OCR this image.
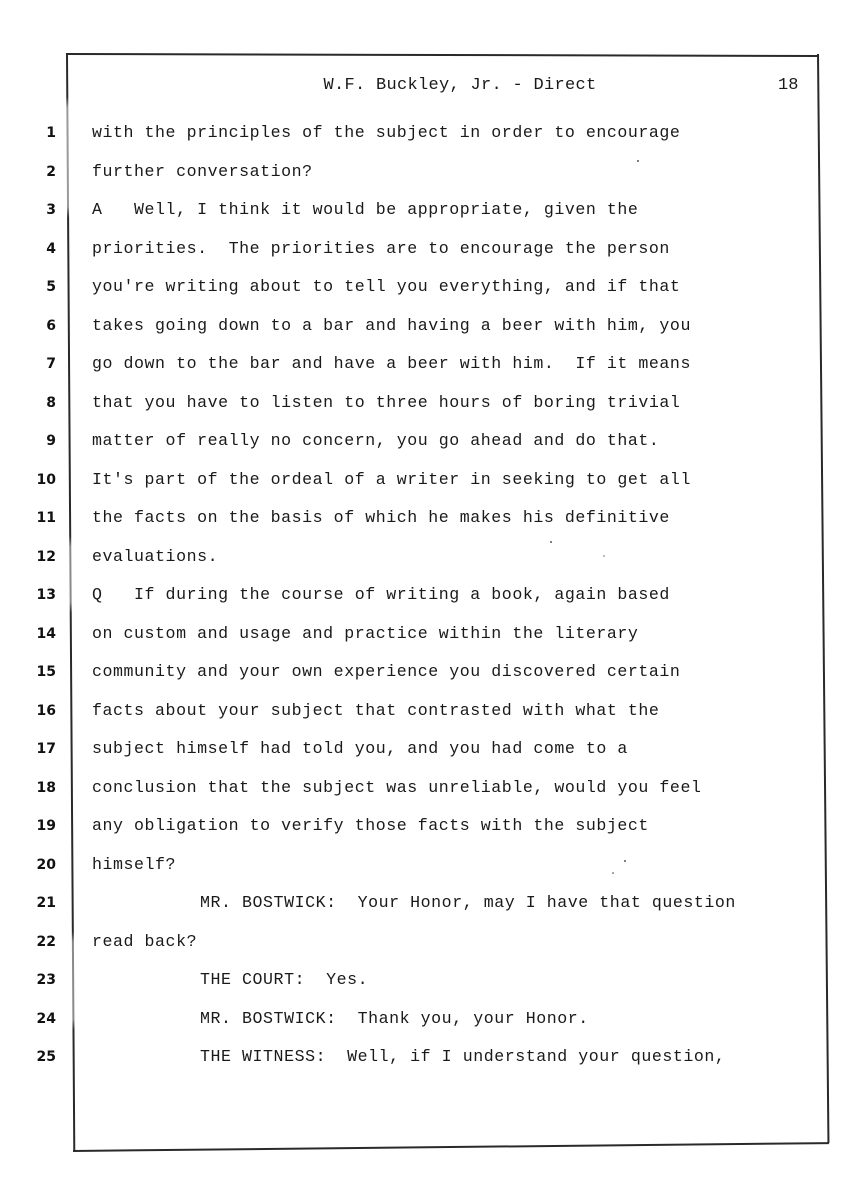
W.F. Buckley, Jr. - Direct	18
1
2
3
4
5
6
7
8
9
10
11
12
13
14
15
16
17
18
19
20
21
22
23
24
25
with the principles of the subject in order to encourage
further conversation?
A   Well, I think it would be appropriate, given the
priorities.  The priorities are to encourage the person
you're writing about to tell you everything, and if that
takes going down to a bar and having a beer with him, you
go down to the bar and have a beer with him.  If it means
that you have to listen to three hours of boring trivial
matter of really no concern, you go ahead and do that.
It's part of the ordeal of a writer in seeking to get all
the facts on the basis of which he makes his definitive
evaluations.
Q   If during the course of writing a book, again based
on custom and usage and practice within the literary
community and your own experience you discovered certain
facts about your subject that contrasted with what the
subject himself had told you, and you had come to a
conclusion that the subject was unreliable, would you feel
any obligation to verify those facts with the subject
himself?
MR. BOSTWICK:  Your Honor, may I have that question
read back?
THE COURT:  Yes.
MR. BOSTWICK:  Thank you, your Honor.
THE WITNESS:  Well, if I understand your question,
